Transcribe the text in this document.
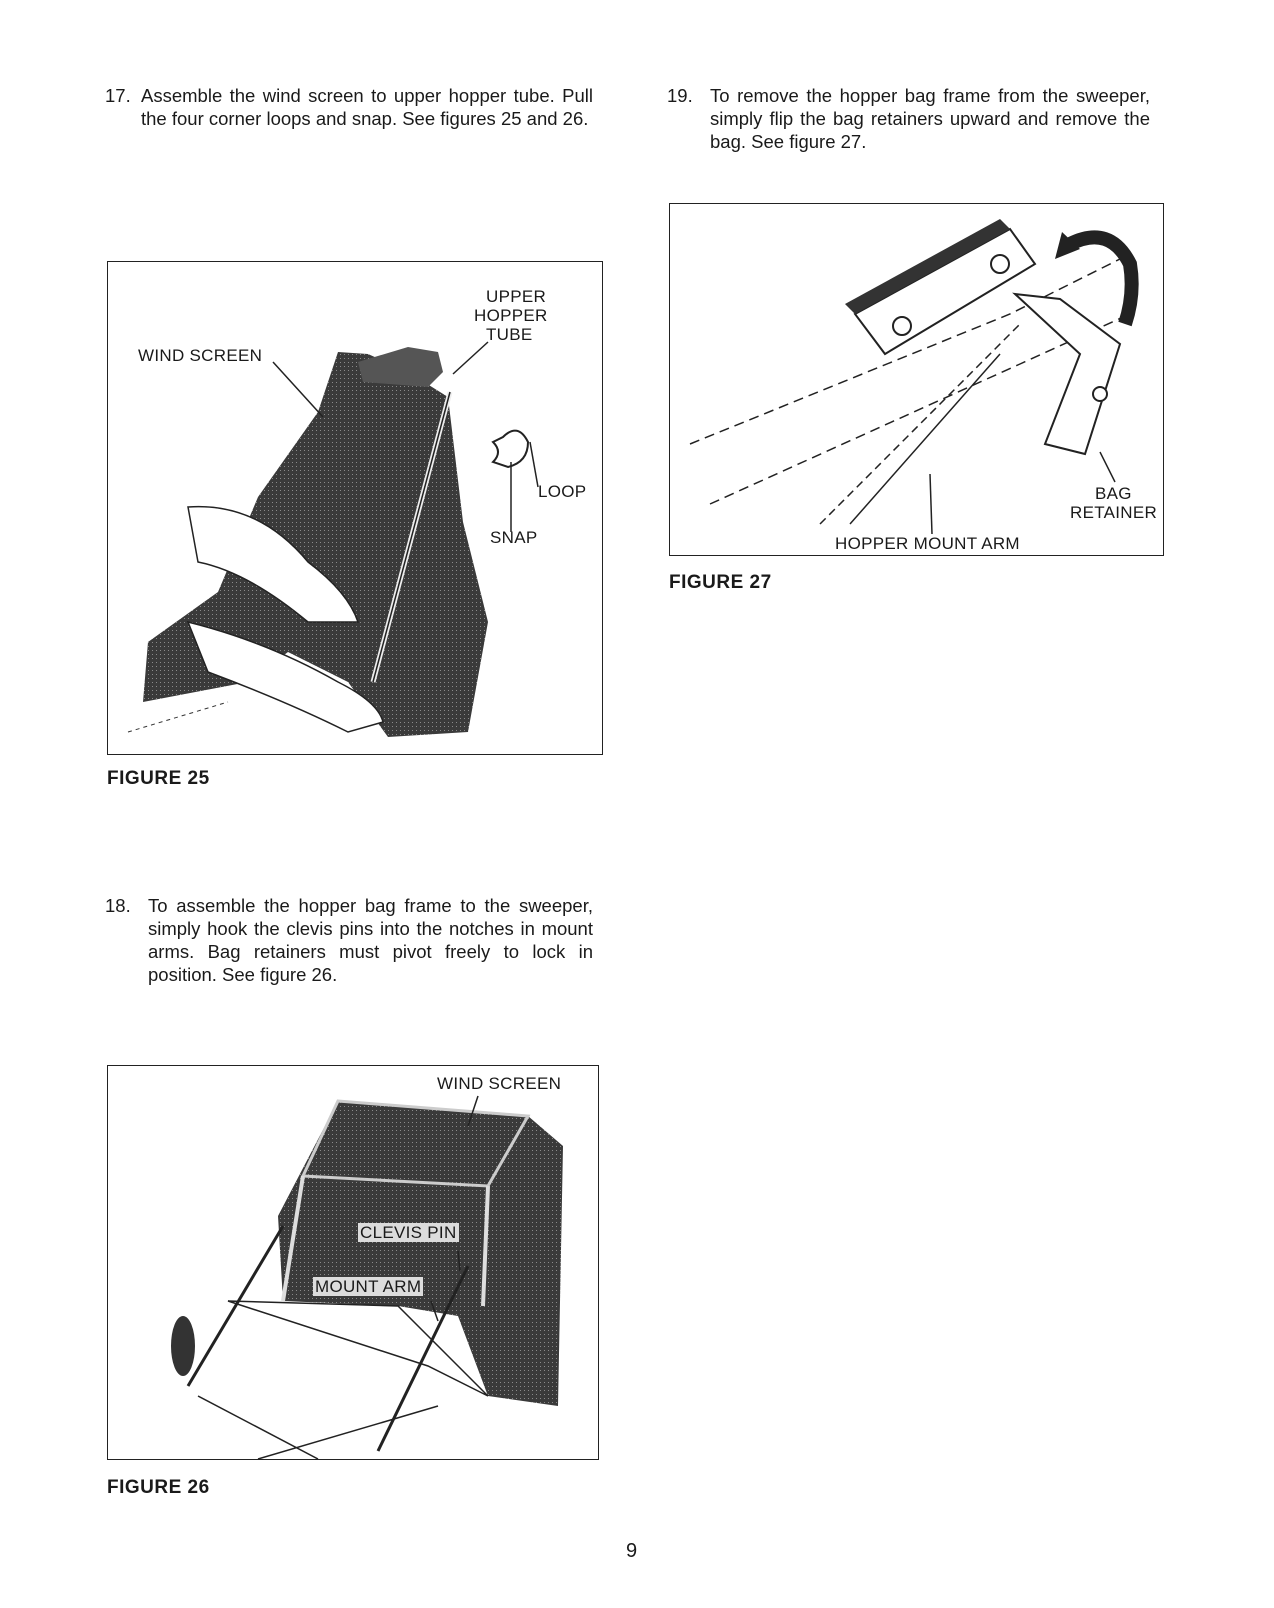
17. Assemble the wind screen to upper hopper tube. Pull the four corner loops and snap. See figures 25 and 26.
19. To remove the hopper bag frame from the sweeper, simply flip the bag retainers upward and remove the bag. See figure 27.
UPPER
HOPPER
TUBE
WIND SCREEN
LOOP
SNAP
FIGURE 25
BAG
RETAINER
HOPPER MOUNT ARM
FIGURE 27
18. To assemble the hopper bag frame to the sweeper, simply hook the clevis pins into the notches in mount arms. Bag retainers must pivot freely to lock in position. See figure 26.
WIND SCREEN
CLEVIS PIN
MOUNT ARM
FIGURE 26
9
